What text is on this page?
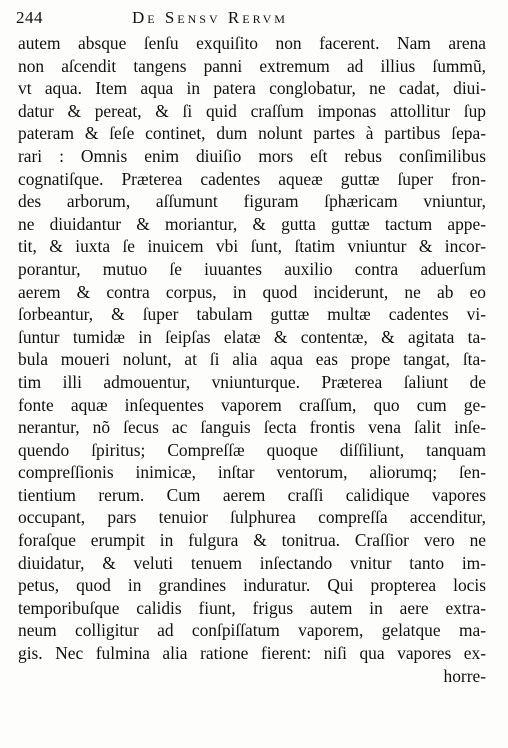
244	De Sensv Rervm
autem absque ſenſu exquiſito non facerent. Nam arena
non aſcendit tangens panni extremum ad illius ſummũ,
vt aqua. Item aqua in patera conglobatur, ne cadat, diui-
datur & pereat, & ſi quid craſſum imponas attollitur ſup
pateram & ſeſe continet, dum nolunt partes à partibus ſepa-
rari : Omnis enim diuiſio mors eſt rebus conſimilibus
cognatiſque. Præterea cadentes aqueæ guttæ ſuper fron-
des arborum, aſſumunt figuram ſphæricam vniuntur,
ne diuidantur & moriantur, & gutta guttæ tactum appe-
tit, & iuxta ſe inuicem vbi ſunt, ſtatim vniuntur & incor-
porantur, mutuo ſe iuuantes auxilio contra aduerſum
aerem & contra corpus, in quod inciderunt, ne ab eo
ſorbeantur, & ſuper tabulam guttæ multæ cadentes vi-
ſuntur tumidæ in ſeipſas elatæ & contentæ, & agitata ta-
bula moueri nolunt, at ſi alia aqua eas prope tangat, ſta-
tim illi admouentur, vniunturque. Præterea ſaliunt de
fonte aquæ inſequentes vaporem craſſum, quo cum ge-
nerantur, nõ ſecus ac ſanguis ſecta frontis vena ſalit inſe-
quendo ſpiritus; Compreſſæ quoque diſſiliunt, tanquam
compreſſionis inimicæ, inſtar ventorum, aliorumq; ſen-
tientium rerum. Cum aerem craſſi calidique vapores
occupant, pars tenuior ſulphurea compreſſa accenditur,
foraſque erumpit in fulgura & tonitrua. Craſſior vero ne
diuidatur, & veluti tenuem inſectando vnitur tanto im-
petus, quod in grandines induratur. Qui propterea locis
temporibuſque calidis fiunt, frigus autem in aere extra-
neum colligitur ad conſpiſſatum vaporem, gelatque ma-
gis. Nec fulmina alia ratione fierent: niſi qua vapores ex-
horre-
